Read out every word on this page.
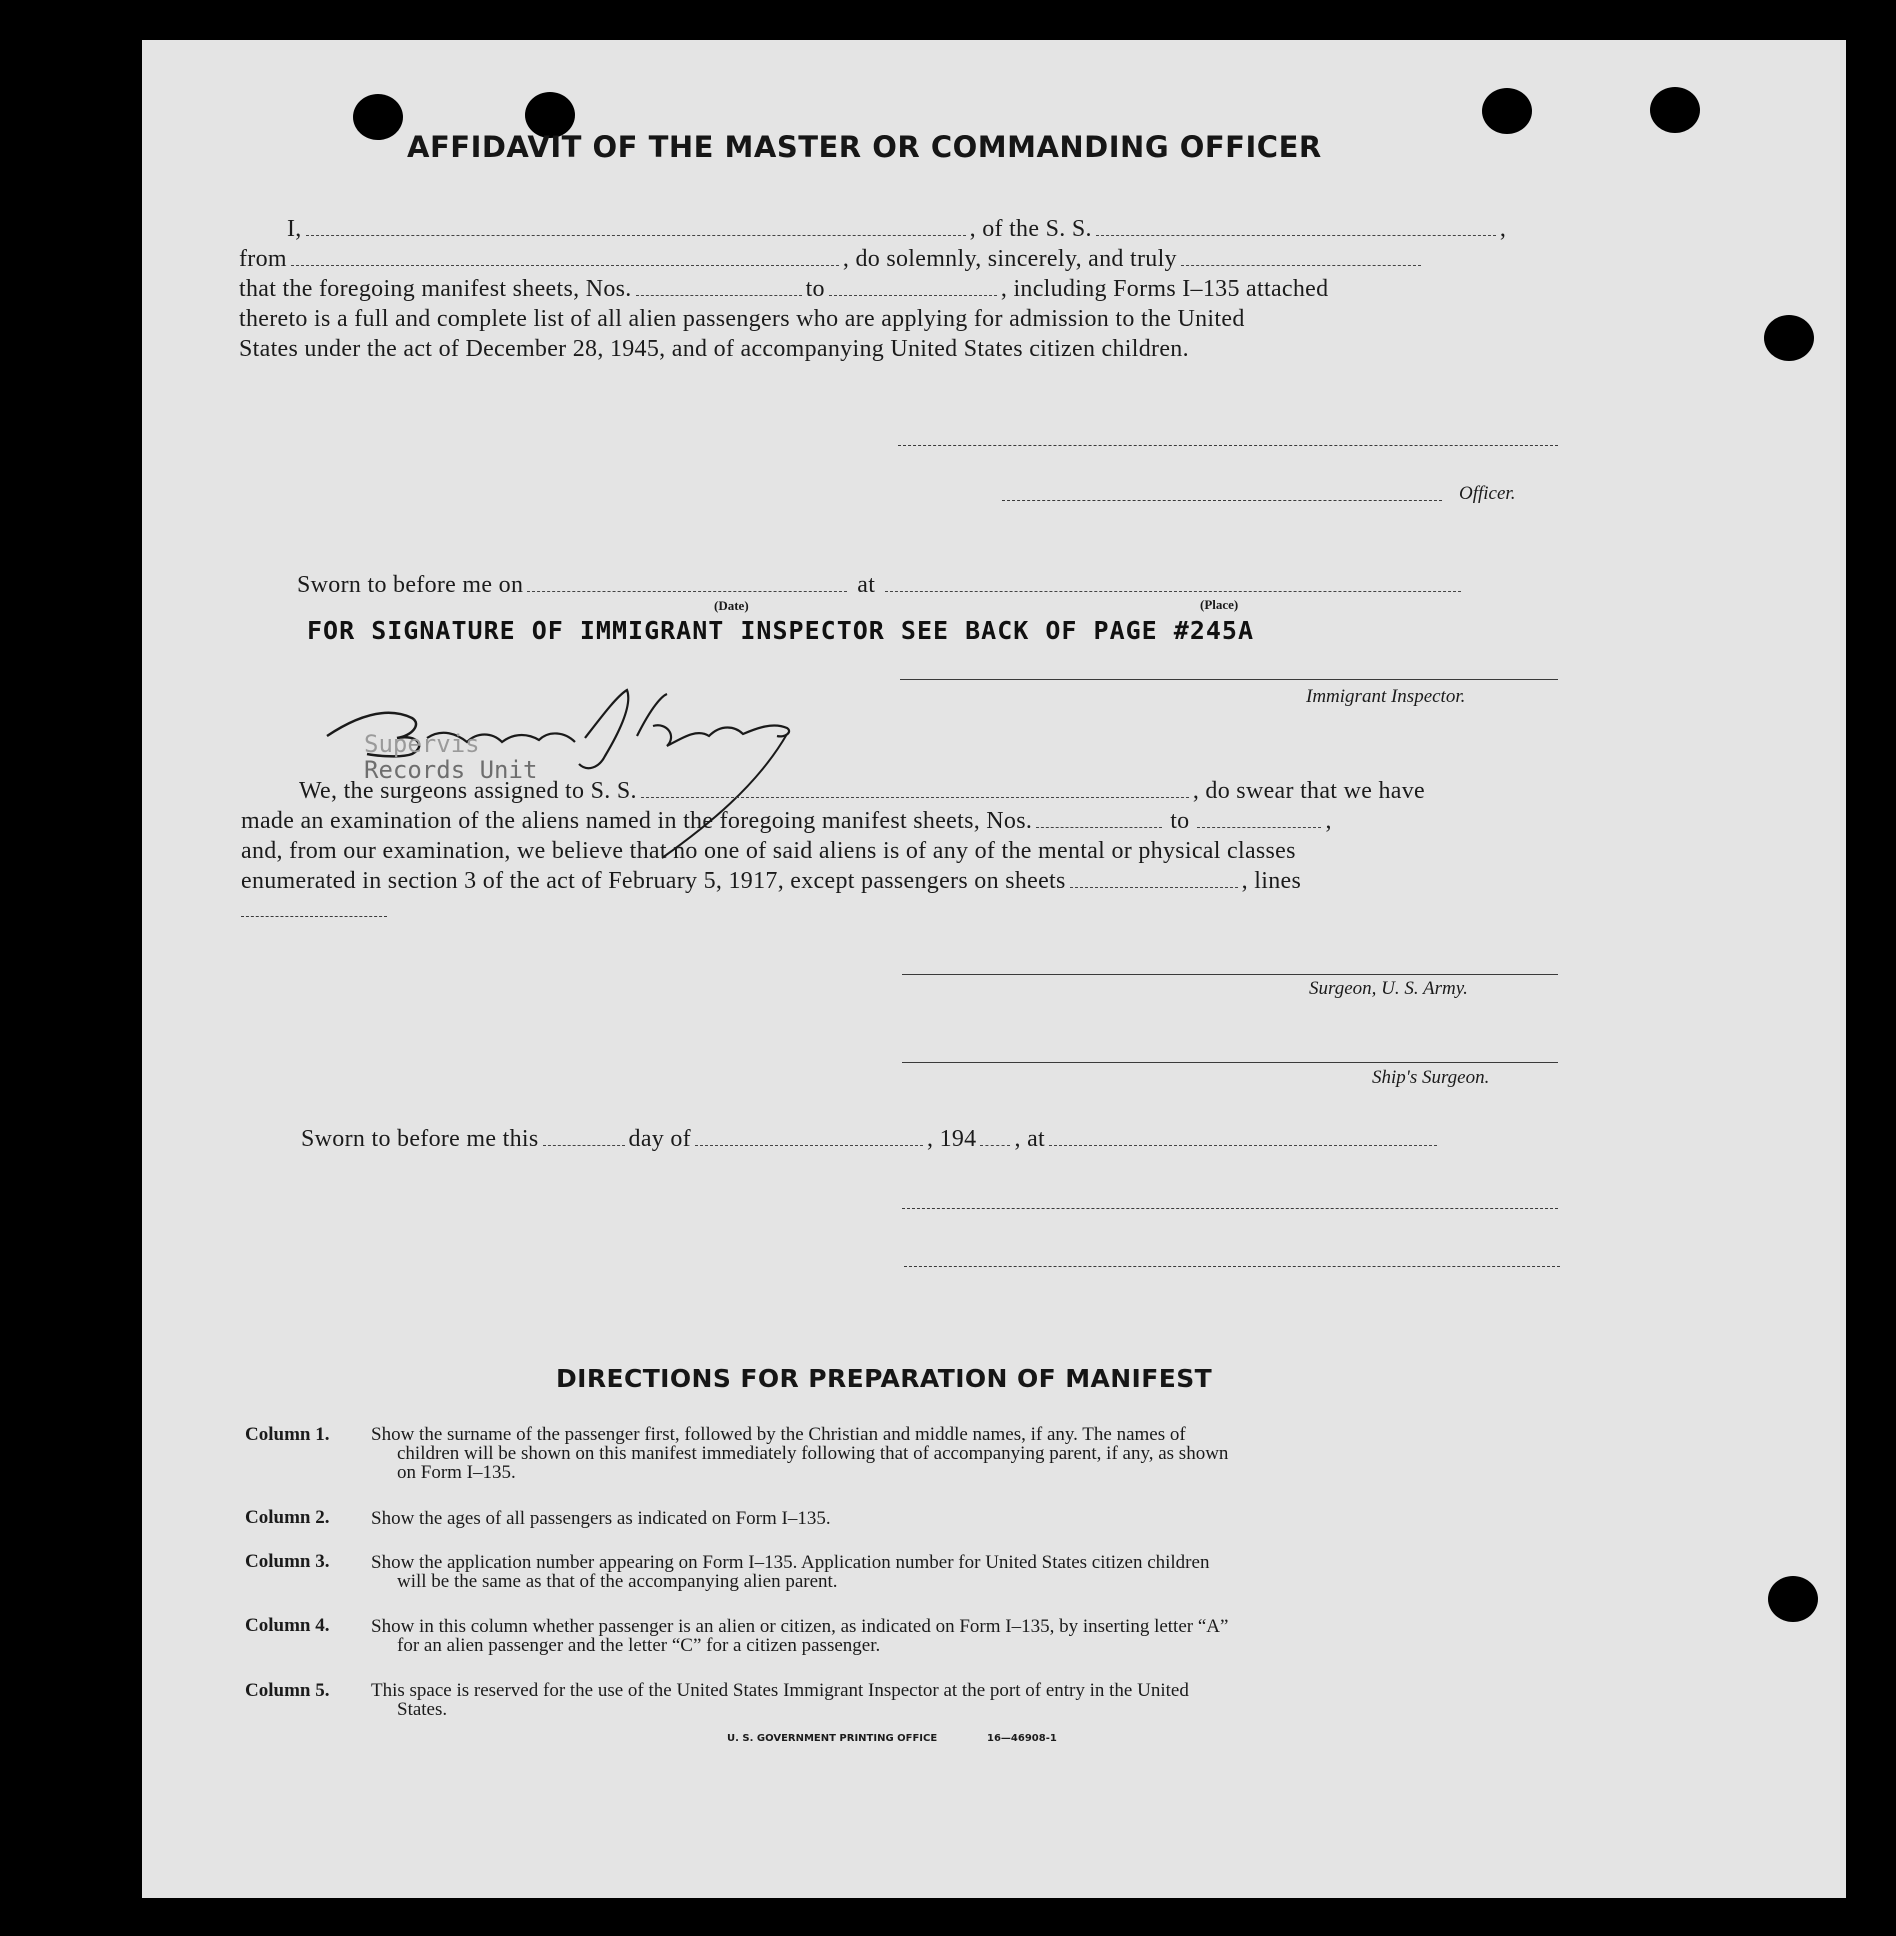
AFFIDAVIT OF THE MASTER OR COMMANDING OFFICER
I,	, of the S. S.	,
from	, do solemnly, sincerely, and truly
that the foregoing manifest sheets, Nos.	to	, including Forms I–135 attached
thereto is a full and complete list of all alien passengers who are applying for admission to the United
States under the act of December 28, 1945, and of accompanying United States citizen children.
Officer.
Sworn to before me on	at
(Date)	(Place)
FOR SIGNATURE OF IMMIGRANT INSPECTOR SEE BACK OF PAGE #245A
Immigrant Inspector.
Supervis
Records Unit
We, the surgeons assigned to S. S.	, do swear that we have
made an examination of the aliens named in the foregoing manifest sheets, Nos.	to	,
and, from our examination, we believe that no one of said aliens is of any of the mental or physical classes
enumerated in section 3 of the act of February 5, 1917, except passengers on sheets	, lines
Surgeon, U. S. Army.
Ship's Surgeon.
Sworn to before me this	day of	, 194 , at
DIRECTIONS FOR PREPARATION OF MANIFEST
Column 1. Show the surname of the passenger first, followed by the Christian and middle names, if any. The names of
children will be shown on this manifest immediately following that of accompanying parent, if any, as shown
on Form I–135.
Column 2. Show the ages of all passengers as indicated on Form I–135.
Column 3. Show the application number appearing on Form I–135. Application number for United States citizen children
will be the same as that of the accompanying alien parent.
Column 4. Show in this column whether passenger is an alien or citizen, as indicated on Form I–135, by inserting letter “A”
for an alien passenger and the letter “C” for a citizen passenger.
Column 5. This space is reserved for the use of the United States Immigrant Inspector at the port of entry in the United
States.
U. S. GOVERNMENT PRINTING OFFICE	16—46908-1
